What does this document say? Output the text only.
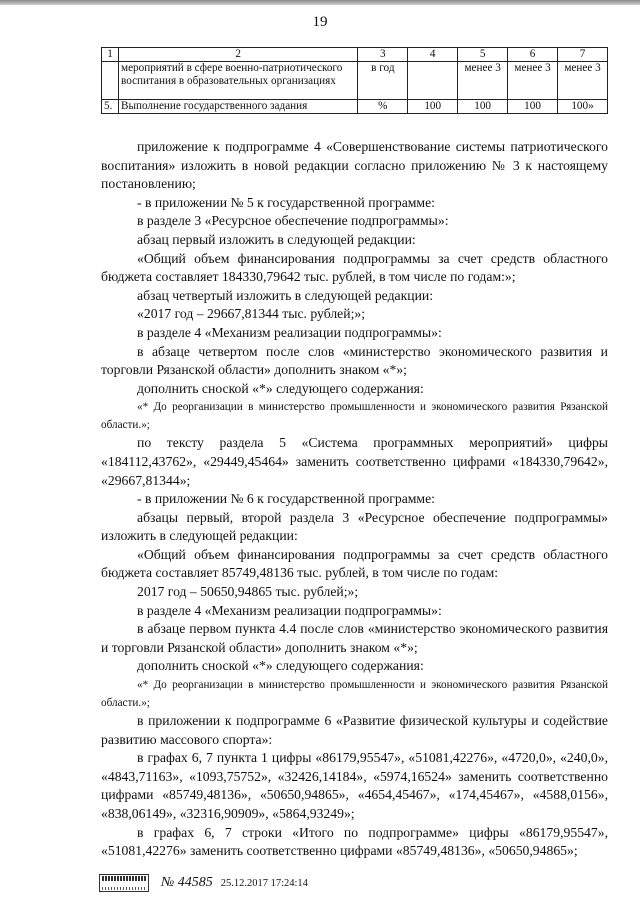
19
1	2	3	4	5	6	7
	мероприятий в сфере военно-патриотического воспитания в образовательных организациях	в год		менее 3	менее 3	менее 3
5.	Выполнение государственного задания	%	100	100	100	100»

приложение к подпрограмме 4 «Совершенствование системы патриотического воспитания» изложить в новой редакции согласно приложению № 3 к настоящему постановлению;

- в приложении № 5 к государственной программе:

в разделе 3 «Ресурсное обеспечение подпрограммы»:

абзац первый изложить в следующей редакции:

«Общий объем финансирования подпрограммы за счет средств областного бюджета составляет 184330,79642 тыс. рублей, в том числе по годам:»;

абзац четвертый изложить в следующей редакции:

«2017 год – 29667,81344 тыс. рублей;»;

в разделе 4 «Механизм реализации подпрограммы»:

в абзаце четвертом после слов «министерство экономического развития и торговли Рязанской области» дополнить знаком «*»;

дополнить сноской «*» следующего содержания:

«* До реорганизации в министерство промышленности и экономического развития Рязанской области.»;

по тексту раздела 5 «Система программных мероприятий» цифры «184112,43762», «29449,45464» заменить соответственно цифрами «184330,79642», «29667,81344»;

- в приложении № 6 к государственной программе:

абзацы первый, второй раздела 3 «Ресурсное обеспечение подпрограммы» изложить в следующей редакции:

«Общий объем финансирования подпрограммы за счет средств областного бюджета составляет 85749,48136 тыс. рублей, в том числе по годам:

2017 год – 50650,94865 тыс. рублей;»;

в разделе 4 «Механизм реализации подпрограммы»:

в абзаце первом пункта 4.4 после слов «министерство экономического развития и торговли Рязанской области» дополнить знаком «*»;

дополнить сноской «*» следующего содержания:

«* До реорганизации в министерство промышленности и экономического развития Рязанской области.»;

в приложении к подпрограмме 6 «Развитие физической культуры и содействие развитию массового спорта»:

в графах 6, 7 пункта 1 цифры «86179,95547», «51081,42276», «4720,0», «240,0», «4843,71163», «1093,75752», «32426,14184», «5974,16524» заменить соответственно цифрами «85749,48136», «50650,94865», «4654,45467», «174,45467», «4588,0156», «838,06149», «32316,90909», «5864,93249»;

в графах 6, 7 строки «Итого по подпрограмме» цифры «86179,95547», «51081,42276» заменить соответственно цифрами «85749,48136», «50650,94865»;

№ 44585 25.12.2017 17:24:14
